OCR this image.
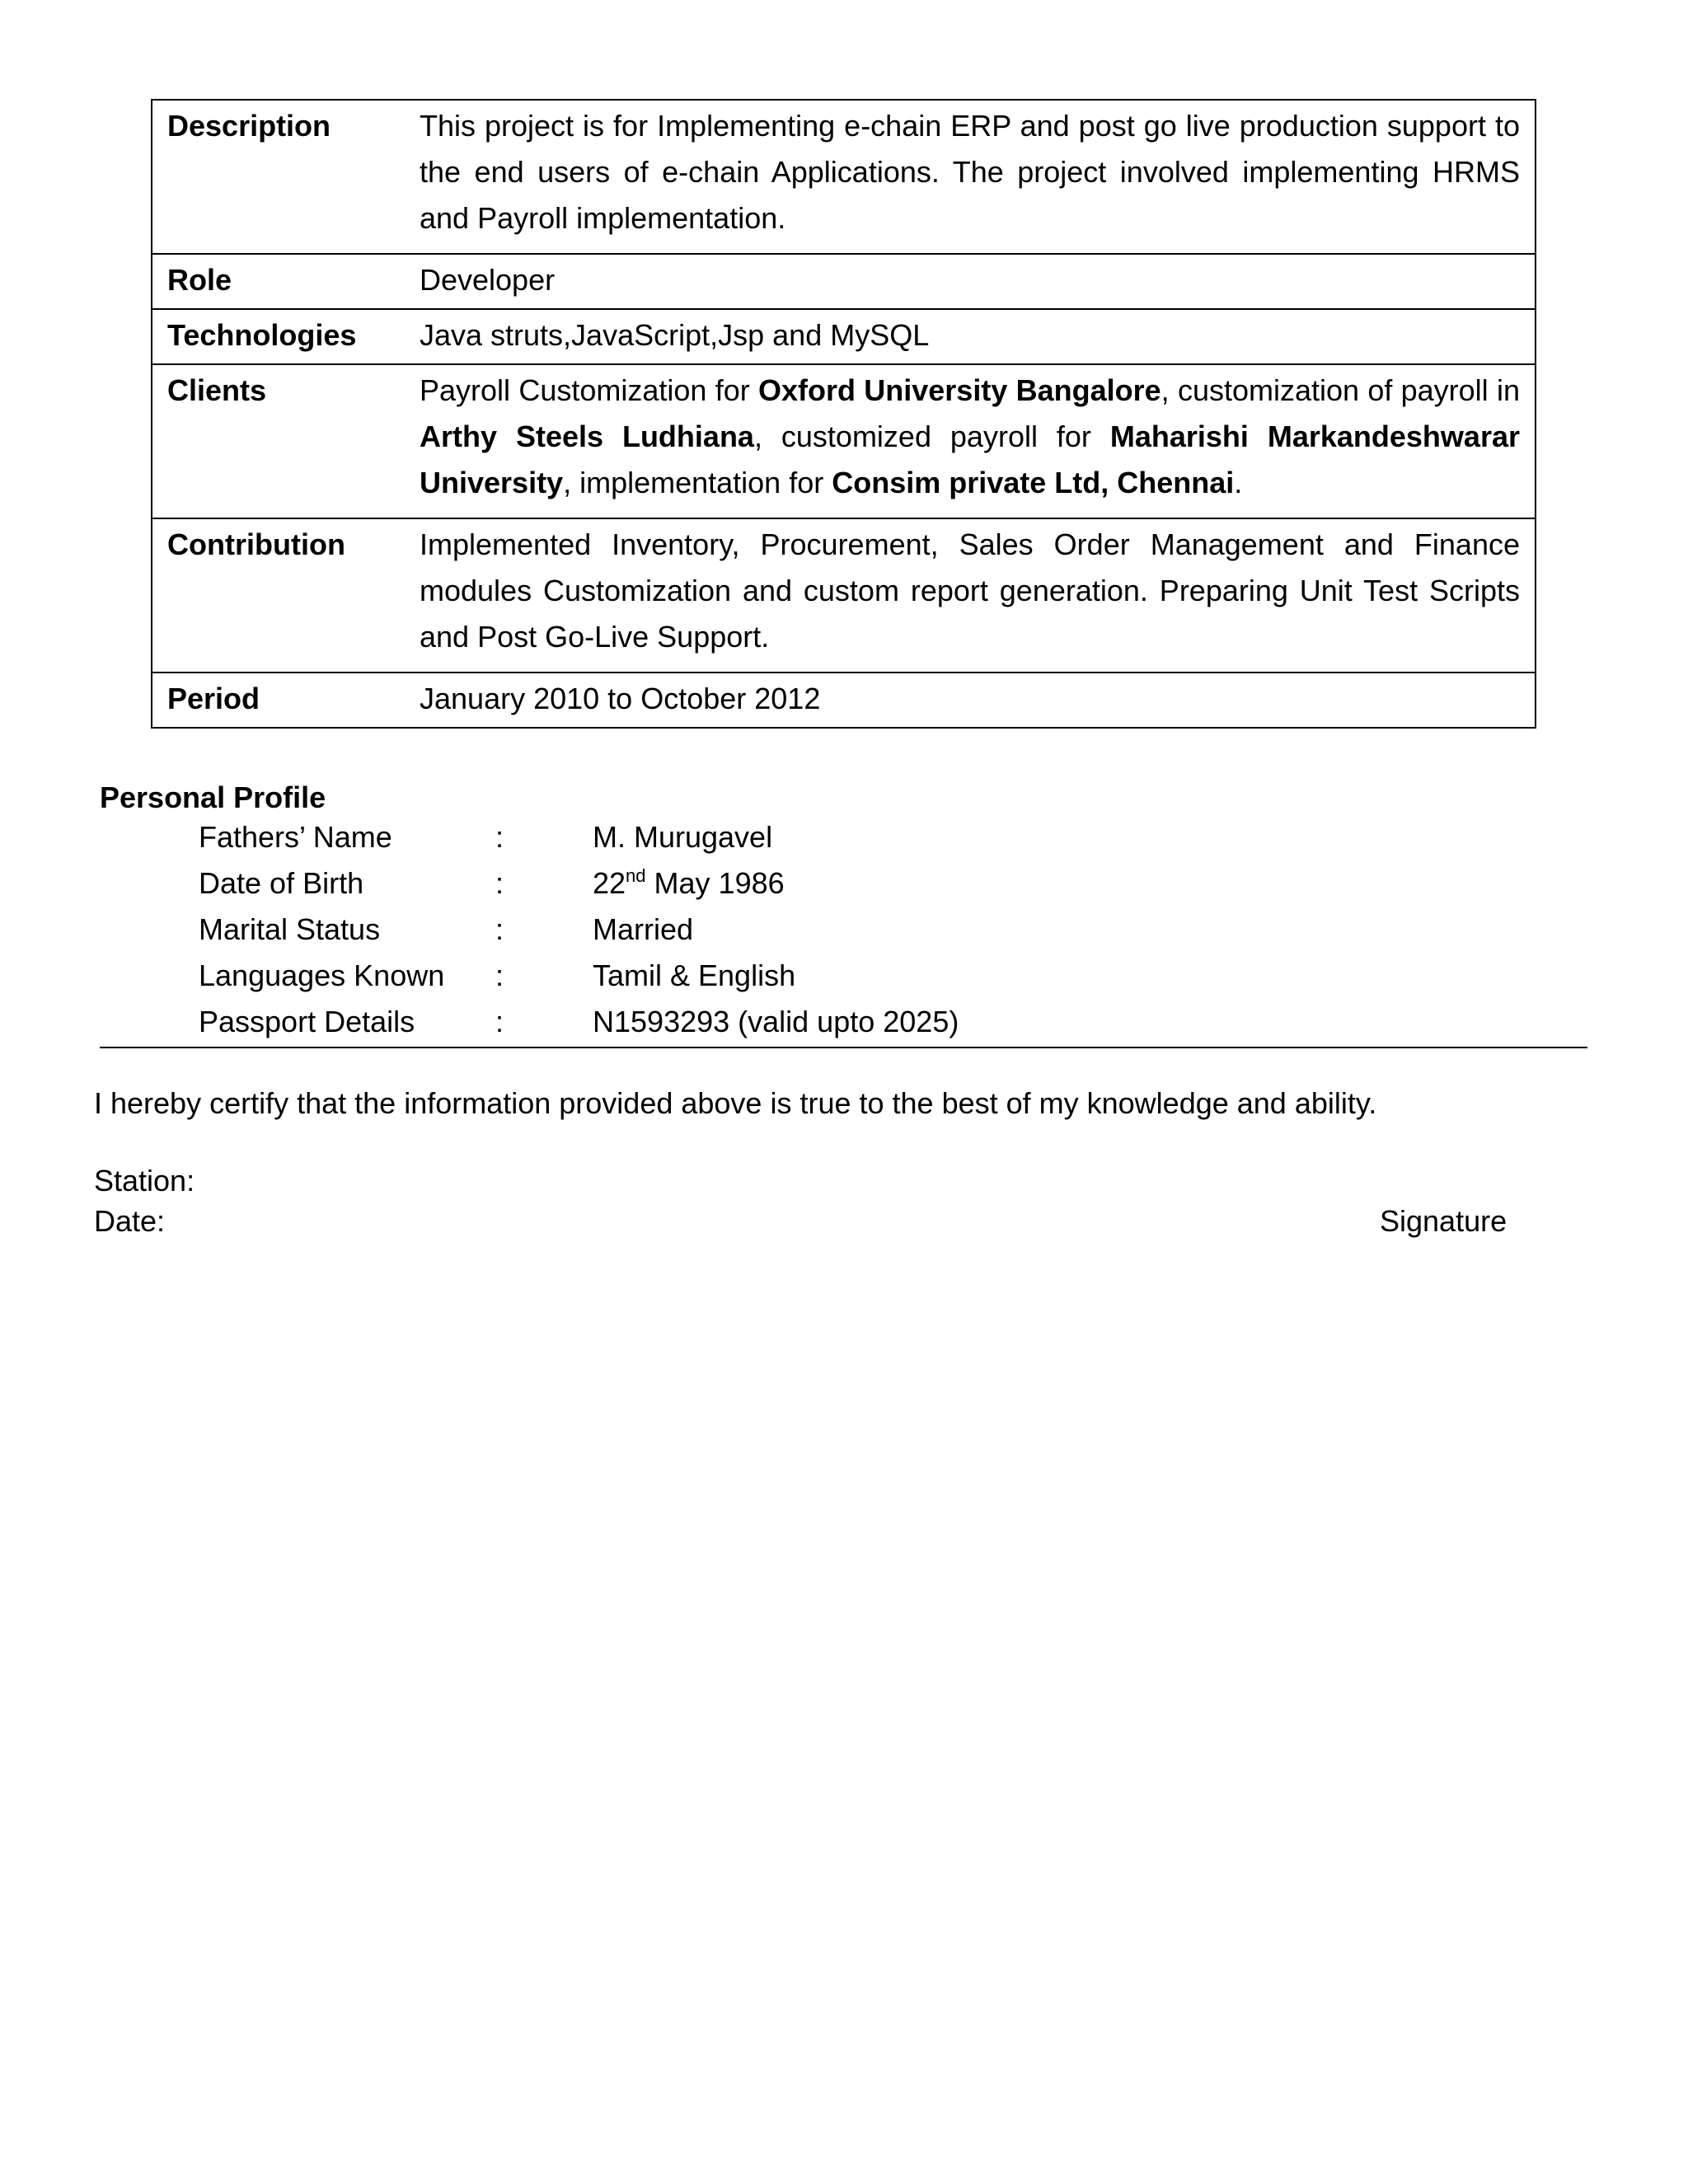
Description	This project is for Implementing e-chain ERP and post go live production support to the end users of e-chain Applications. The project involved implementing HRMS and Payroll implementation.
Role	Developer
Technologies	Java struts,JavaScript,Jsp and MySQL
Clients	Payroll Customization for Oxford University Bangalore, customization of payroll in Arthy Steels Ludhiana, customized payroll for Maharishi Markandeshwarar University, implementation for Consim private Ltd, Chennai.
Contribution	Implemented Inventory, Procurement, Sales Order Management and Finance modules Customization and custom report generation. Preparing Unit Test Scripts and Post Go-Live Support.
Period	January 2010 to October 2012
Personal Profile
Fathers’ Name	:	M. Murugavel
Date of Birth	:	22nd May 1986
Marital Status	:	Married
Languages Known	:	Tamil & English
Passport Details	:	N1593293 (valid upto 2025)
I hereby certify that the information provided above is true to the best of my knowledge and ability.
Station:
Date:	Signature
